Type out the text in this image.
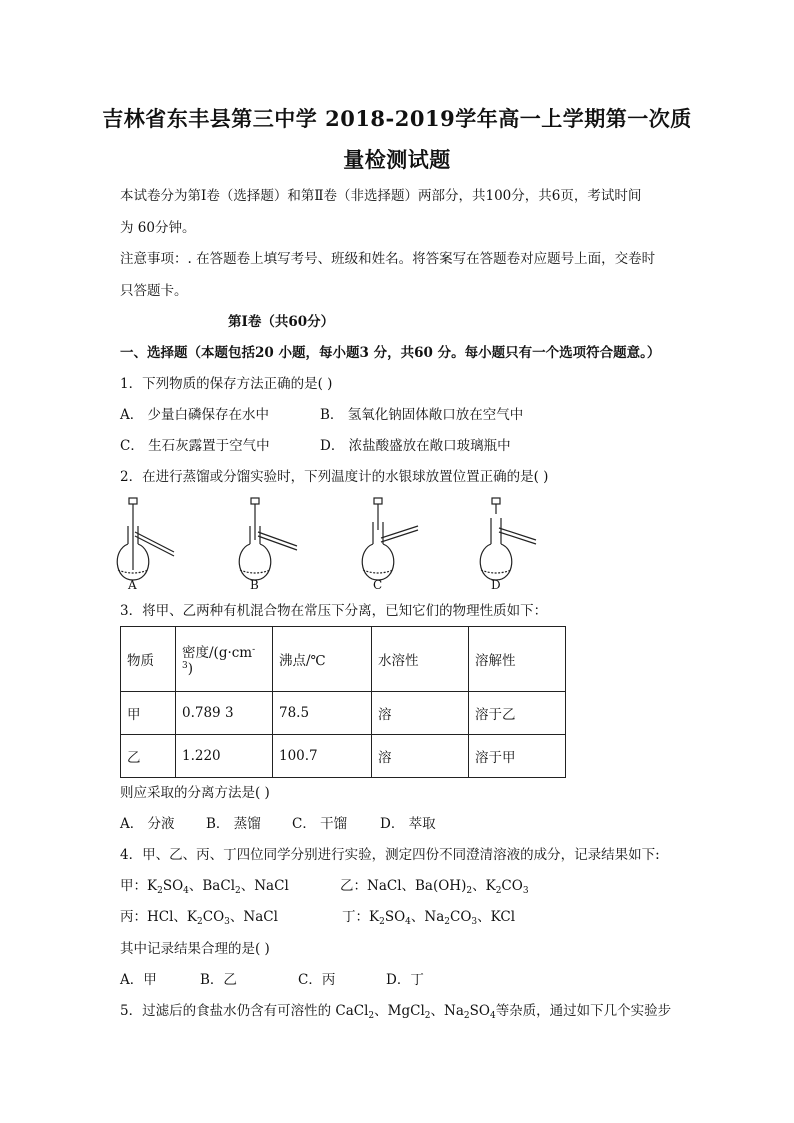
吉林省东丰县第三中学 2018-2019学年高一上学期第一次质
量检测试题
本试卷分为第Ⅰ卷（选择题）和第Ⅱ卷（非选择题）两部分，共100分，共6页，考试时间
为 60分钟。
注意事项：. 在答题卷上填写考号、班级和姓名。将答案写在答题卷对应题号上面，交卷时
只答题卡。
第Ⅰ卷（共60分）
一、选择题（本题包括20 小题，每小题3 分，共60 分。每小题只有一个选项符合题意。）
1．下列物质的保存方法正确的是( )
A． 少量白磷保存在水中	B． 氢氧化钠固体敞口放在空气中
C． 生石灰露置于空气中	D． 浓盐酸盛放在敞口玻璃瓶中
2．在进行蒸馏或分馏实验时，下列温度计的水银球放置位置正确的是( )
A	B	C	D
3．将甲、乙两种有机混合物在常压下分离，已知它们的物理性质如下：
物质	密度$/(g\cdot cm^{-3})$	沸点/℃	水溶性	溶解性
甲	0.789 3	78.5	溶	溶于乙
乙	1.220	100.7	溶	溶于甲
则应采取的分离方法是( )
A． 分液 B． 蒸馏 C． 干馏 D． 萃取
4．甲、乙、丙、丁四位同学分别进行实验，测定四份不同澄清溶液的成分，记录结果如下:
甲：$K_2SO_4$、BaCl$_2$、NaCl	乙：NaCl、$Ba(OH)_2$、$K_2CO_3$
丙：HCl、$K_2CO_3$、NaCl	丁：$K_2SO_4$、$Na_2CO_3$、KCl
其中记录结果合理的是( )
A．甲	B．乙	C．丙	D．丁
5．过滤后的食盐水仍含有可溶性的 CaCl$_2$、MgCl$_2$、$Na_2SO_4$等杂质，通过如下几个实验步
